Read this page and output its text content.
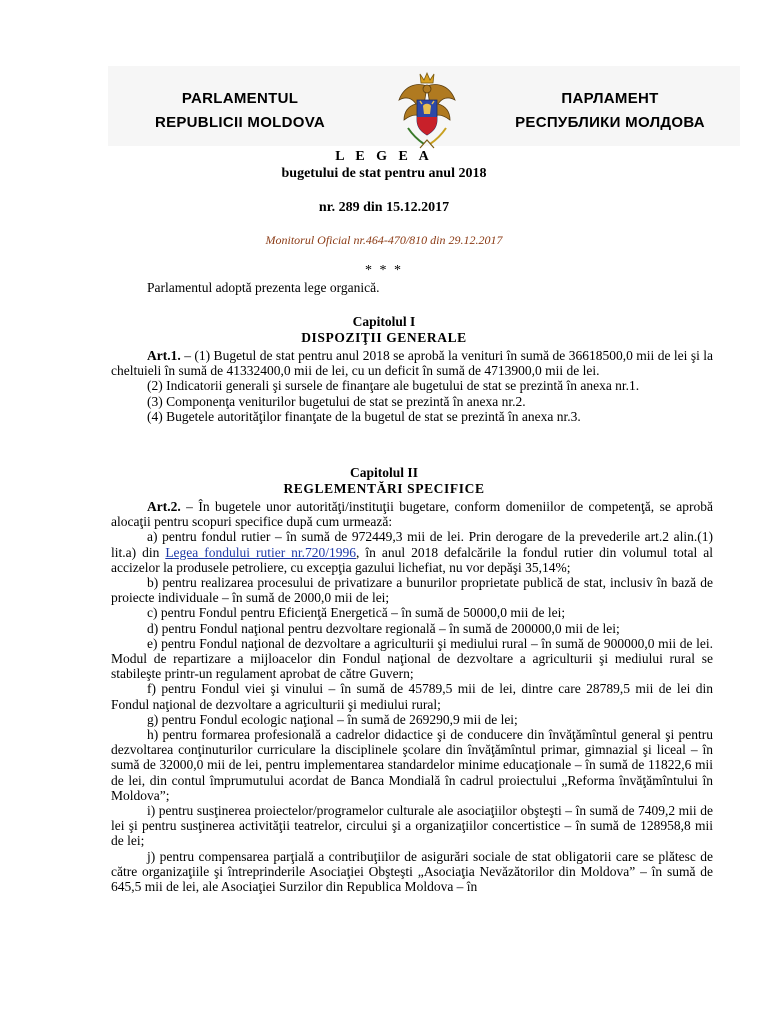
PARLAMENTUL
REPUBLICII MOLDOVA
ПАРЛАМЕНТ
РЕСПУБЛИКИ МОЛДОВА
L E G E A
bugetului de stat pentru anul 2018
nr. 289 din 15.12.2017
Monitorul Oficial nr.464-470/810 din 29.12.2017
* * *

Parlamentul adoptă prezenta lege organică.

Capitolul I
DISPOZIŢII GENERALE

Art.1. – (1) Bugetul de stat pentru anul 2018 se aprobă la venituri în sumă de 36618500,0 mii de lei şi la cheltuieli în sumă de 41332400,0 mii de lei, cu un deficit în sumă de 4713900,0 mii de lei.

(2) Indicatorii generali şi sursele de finanţare ale bugetului de stat se prezintă în anexa nr.1.

(3) Componenţa veniturilor bugetului de stat se prezintă în anexa nr.2.

(4) Bugetele autorităţilor finanţate de la bugetul de stat se prezintă în anexa nr.3.

Capitolul II
REGLEMENTĂRI SPECIFICE

Art.2. – În bugetele unor autorităţi/instituţii bugetare, conform domeniilor de competenţă, se aprobă alocaţii pentru scopuri specifice după cum urmează:

a) pentru fondul rutier – în sumă de 972449,3 mii de lei. Prin derogare de la prevederile art.2 alin.(1) lit.a) din Legea fondului rutier nr.720/1996, în anul 2018 defalcările la fondul rutier din volumul total al accizelor la produsele petroliere, cu excepţia gazului lichefiat, nu vor depăşi 35,14%;

b) pentru realizarea procesului de privatizare a bunurilor proprietate publică de stat, inclusiv în bază de proiecte individuale – în sumă de 2000,0 mii de lei;

c) pentru Fondul pentru Eficienţă Energetică – în sumă de 50000,0 mii de lei;

d) pentru Fondul naţional pentru dezvoltare regională – în sumă de 200000,0 mii de lei;

e) pentru Fondul naţional de dezvoltare a agriculturii şi mediului rural – în sumă de 900000,0 mii de lei. Modul de repartizare a mijloacelor din Fondul naţional de dezvoltare a agriculturii şi mediului rural se stabileşte printr-un regulament aprobat de către Guvern;

f) pentru Fondul viei şi vinului – în sumă de 45789,5 mii de lei, dintre care 28789,5 mii de lei din Fondul naţional de dezvoltare a agriculturii şi mediului rural;

g) pentru Fondul ecologic naţional – în sumă de 269290,9 mii de lei;

h) pentru formarea profesională a cadrelor didactice şi de conducere din învăţămîntul general şi pentru dezvoltarea conţinuturilor curriculare la disciplinele şcolare din învăţămîntul primar, gimnazial şi liceal – în sumă de 32000,0 mii de lei, pentru implementarea standardelor minime educaţionale – în sumă de 11822,6 mii de lei, din contul împrumutului acordat de Banca Mondială în cadrul proiectului „Reforma învăţămîntului în Moldova”;

i) pentru susţinerea proiectelor/programelor culturale ale asociaţiilor obşteşti – în sumă de 7409,2 mii de lei şi pentru susţinerea activităţii teatrelor, circului şi a organizaţiilor concertistice – în sumă de 128958,8 mii de lei;

j) pentru compensarea parţială a contribuţiilor de asigurări sociale de stat obligatorii care se plătesc de către organizaţiile şi întreprinderile Asociaţiei Obşteşti „Asociaţia Nevăzătorilor din Moldova” – în sumă de 645,5 mii de lei, ale Asociaţiei Surzilor din Republica Moldova – în
